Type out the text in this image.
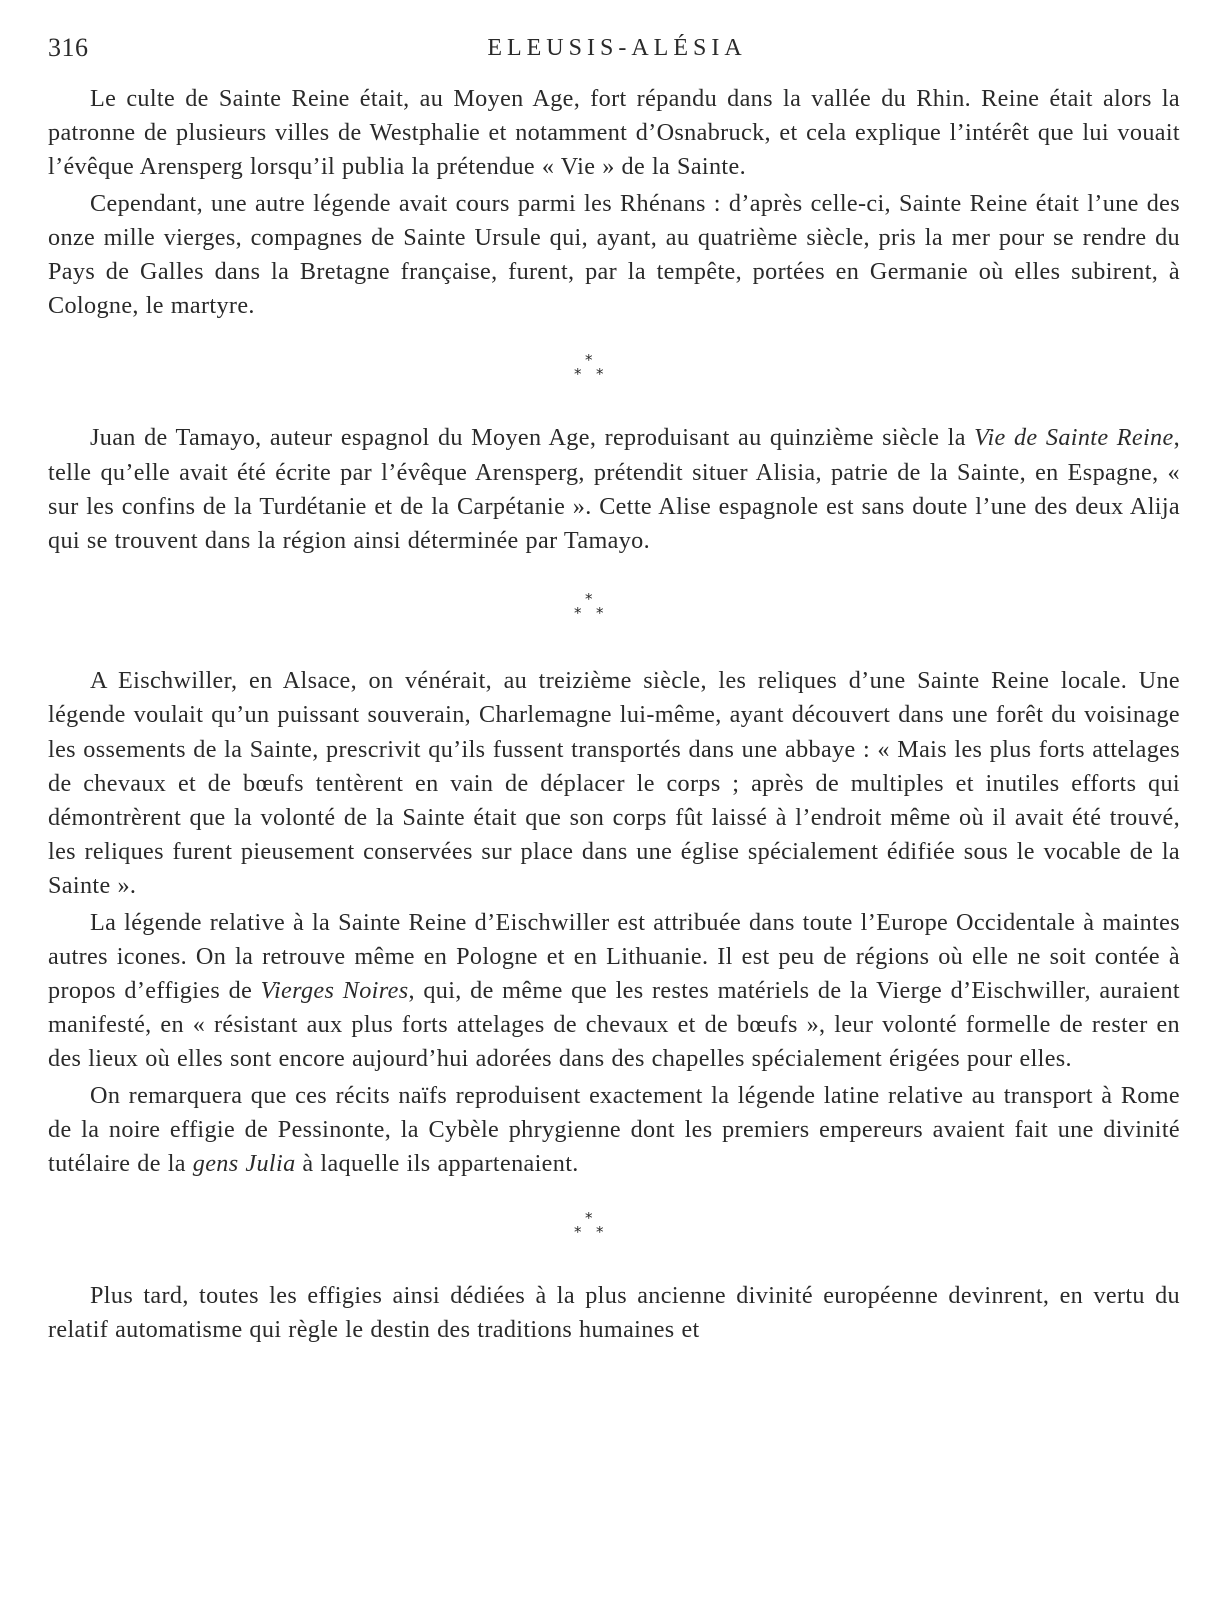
316	ELEUSIS-ALÉSIA

Le culte de Sainte Reine était, au Moyen Age, fort répandu dans la vallée du Rhin. Reine était alors la patronne de plusieurs villes de Westphalie et notamment d’Osnabruck, et cela explique l’intérêt que lui vouait l’évêque Arensperg lorsqu’il publia la prétendue « Vie » de la Sainte.

Cependant, une autre légende avait cours parmi les Rhénans : d’après celle-ci, Sainte Reine était l’une des onze mille vierges, compagnes de Sainte Ursule qui, ayant, au quatrième siècle, pris la mer pour se rendre du Pays de Galles dans la Bretagne française, furent, par la tempête, portées en Germanie où elles subirent, à Cologne, le martyre.

*
* *

Juan de Tamayo, auteur espagnol du Moyen Age, reproduisant au quinzième siècle la Vie de Sainte Reine, telle qu’elle avait été écrite par l’évêque Arensperg, prétendit situer Alisia, patrie de la Sainte, en Espagne, « sur les confins de la Turdétanie et de la Carpétanie ». Cette Alise espagnole est sans doute l’une des deux Alija qui se trouvent dans la région ainsi déterminée par Tamayo.

*
* *

A Eischwiller, en Alsace, on vénérait, au treizième siècle, les reliques d’une Sainte Reine locale. Une légende voulait qu’un puissant souverain, Charlemagne lui-même, ayant découvert dans une forêt du voisinage les ossements de la Sainte, prescrivit qu’ils fussent transportés dans une abbaye : « Mais les plus forts attelages de chevaux et de bœufs tentèrent en vain de déplacer le corps ; après de multiples et inutiles efforts qui démontrèrent que la volonté de la Sainte était que son corps fût laissé à l’endroit même où il avait été trouvé, les reliques furent pieusement conservées sur place dans une église spécialement édifiée sous le vocable de la Sainte ».

La légende relative à la Sainte Reine d’Eischwiller est attribuée dans toute l’Europe Occidentale à maintes autres icones. On la retrouve même en Pologne et en Lithuanie. Il est peu de régions où elle ne soit contée à propos d’effigies de Vierges Noires, qui, de même que les restes matériels de la Vierge d’Eischwiller, auraient manifesté, en « résistant aux plus forts attelages de chevaux et de bœufs », leur volonté formelle de rester en des lieux où elles sont encore aujourd’hui adorées dans des chapelles spécialement érigées pour elles.

On remarquera que ces récits naïfs reproduisent exactement la légende latine relative au transport à Rome de la noire effigie de Pessinonte, la Cybèle phrygienne dont les premiers empereurs avaient fait une divinité tutélaire de la gens Julia à laquelle ils appartenaient.

*
* *

Plus tard, toutes les effigies ainsi dédiées à la plus ancienne divinité européenne devinrent, en vertu du relatif automatisme qui règle le destin des traditions humaines et
